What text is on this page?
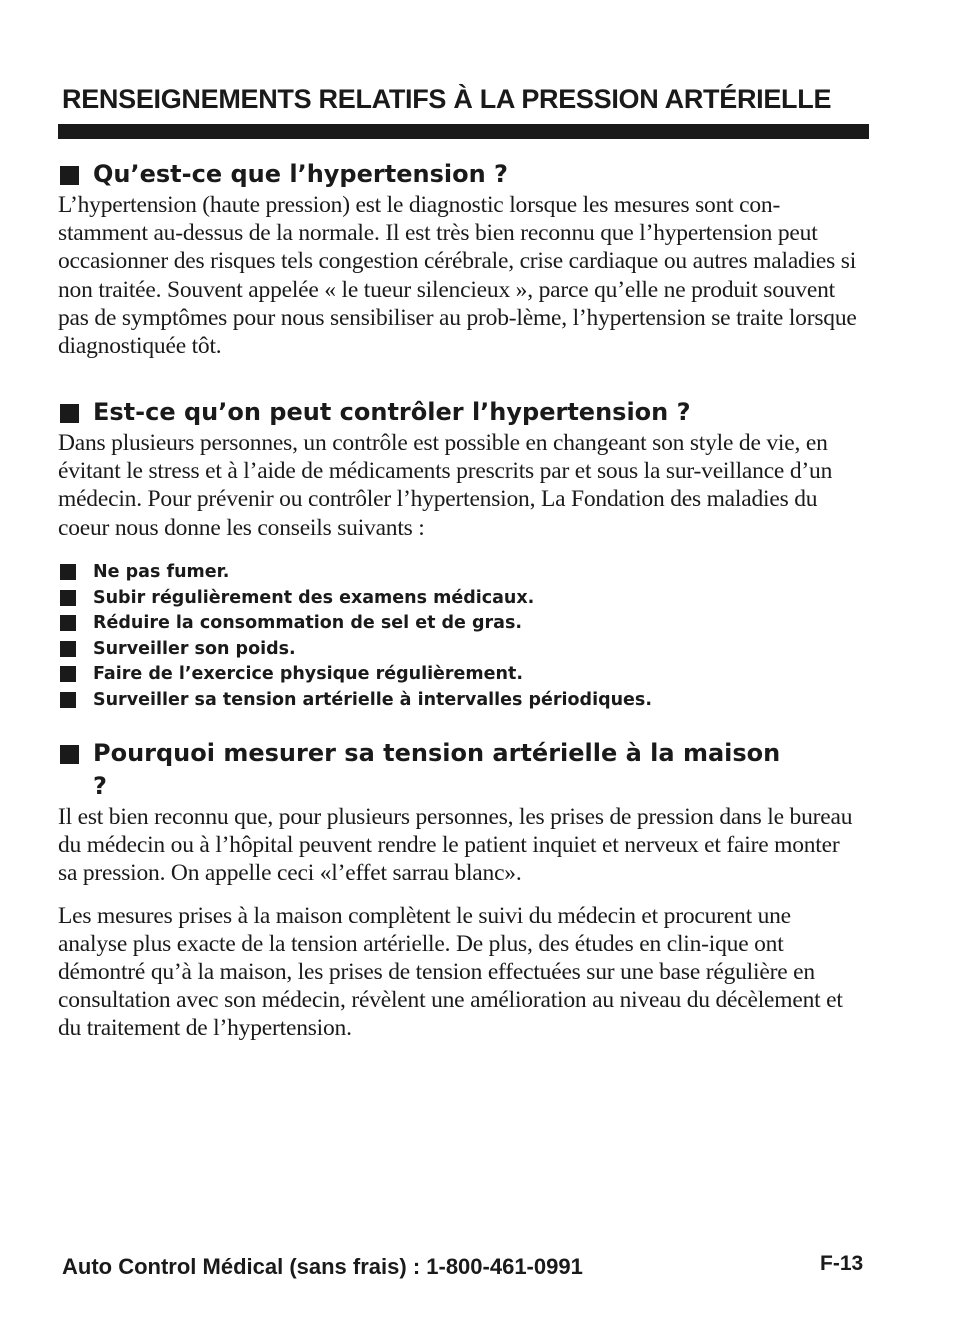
RENSEIGNEMENTS RELATIFS À LA PRESSION ARTÉRIELLE
Qu’est-ce que l’hypertension ?

L’hypertension (haute pression) est le diagnostic lorsque les mesures sont con-stamment au-dessus de la normale. Il est très bien reconnu que l’hypertension peut occasionner des risques tels congestion cérébrale, crise cardiaque ou autres maladies si non traitée. Souvent appelée « le tueur silencieux », parce qu’elle ne produit souvent pas de symptômes pour nous sensibiliser au prob-lème, l’hypertension se traite lorsque diagnostiquée tôt.

Est-ce qu’on peut contrôler l’hypertension ?

Dans plusieurs personnes, un contrôle est possible en changeant son style de vie, en évitant le stress et à l’aide de médicaments prescrits par et sous la sur-veillance d’un médecin. Pour prévenir ou contrôler l’hypertension, La Fondation des maladies du coeur nous donne les conseils suivants :

Ne pas fumer.
Subir régulièrement des examens médicaux.
Réduire la consommation de sel et de gras.
Surveiller son poids.
Faire de l’exercice physique régulièrement.
Surveiller sa tension artérielle à intervalles périodiques.
Pourquoi mesurer sa tension artérielle à la maison ?

Il est bien reconnu que, pour plusieurs personnes, les prises de pression dans le bureau du médecin ou à l’hôpital peuvent rendre le patient inquiet et nerveux et faire monter sa pression. On appelle ceci «l’effet sarrau blanc».

Les mesures prises à la maison complètent le suivi du médecin et procurent une analyse plus exacte de la tension artérielle. De plus, des études en clin-ique ont démontré qu’à la maison, les prises de tension effectuées sur une base régulière en consultation avec son médecin, révèlent une amélioration au niveau du décèlement et du traitement de l’hypertension.

Auto Control Médical (sans frais) : 1-800-461-0991	F-13
